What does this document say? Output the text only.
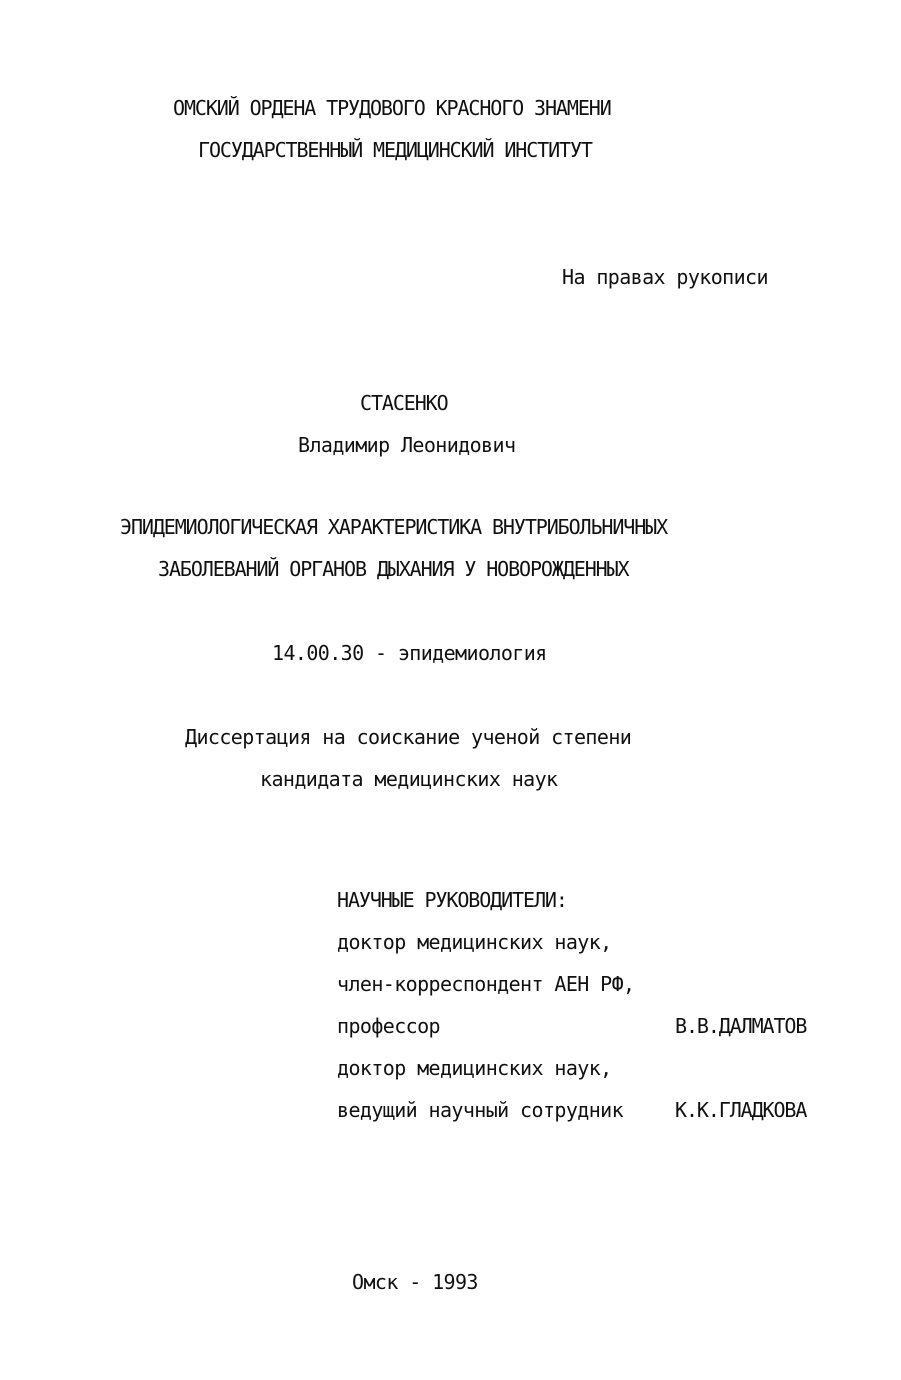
ОМСКИЙ ОРДЕНА ТРУДОВОГО КРАСНОГО ЗНАМЕНИ
ГОСУДАРСТВЕННЫЙ МЕДИЦИНСКИЙ ИНСТИТУТ
На правах рукописи
СТАСЕНКО
Владимир Леонидович
ЭПИДЕМИОЛОГИЧЕСКАЯ ХАРАКТЕРИСТИКА ВНУТРИБОЛЬНИЧНЫХ
ЗАБОЛЕВАНИЙ ОРГАНОВ ДЫХАНИЯ У НОВОРОЖДЕННЫХ
14.00.30 - эпидемиология
Диссертация на соискание ученой степени
кандидата медицинских наук

НАУЧНЫЕ РУКОВОДИТЕЛИ:

доктор медицинских наук,

член-корреспондент АЕН РФ,

профессор

	В.В.ДАЛМАТОВ

доктор медицинских наук,

ведущий научный сотрудник

	К.К.ГЛАДКОВА

Омск - 1993
